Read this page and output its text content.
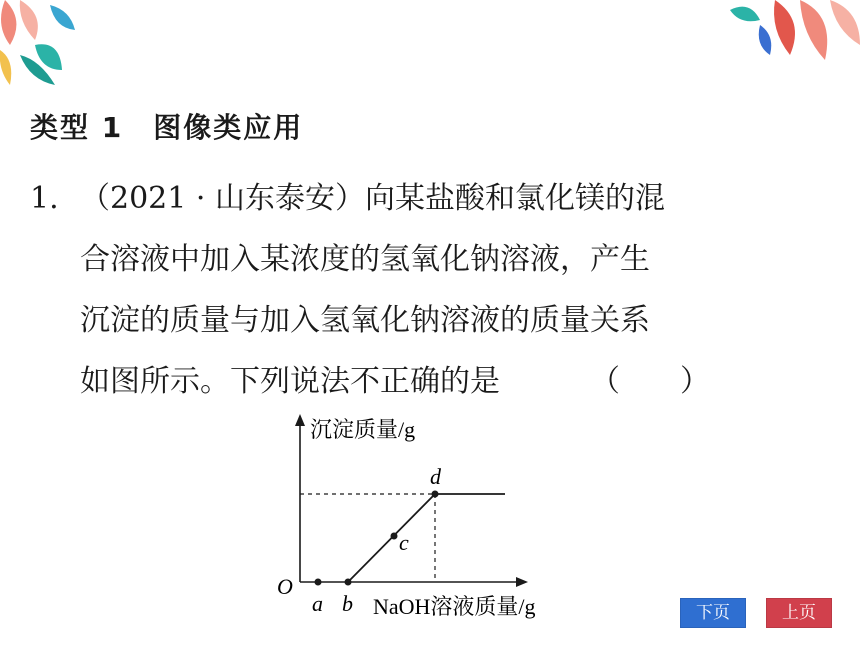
类型 1　图像类应用
1. （2021 · 山东泰安）向某盐酸和氯化镁的混
合溶液中加入某浓度的氢氧化钠溶液，产生
沉淀的质量与加入氢氧化钠溶液的质量关系
如图所示。下列说法不正确的是	（　　）
沉淀质量/g
O
a b
c
d
NaOH溶液质量/g	下页	上页
